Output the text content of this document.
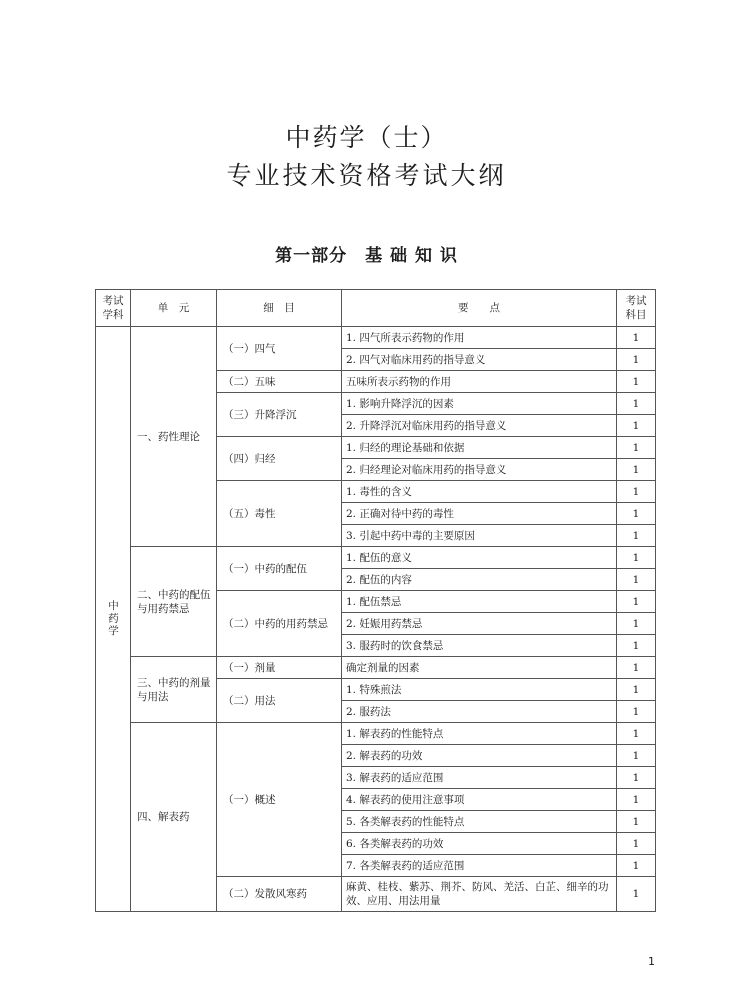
中药学（士）
专业技术资格考试大纲
第一部分 基 础 知 识
考试学科	单　元	细　目	要　　点	考试科目
中药学	一、药性理论	（一）四气	1. 四气所表示药物的作用	1
			2. 四气对临床用药的指导意义	1
		（二）五味	五味所表示药物的作用	1
		（三）升降浮沉	1. 影响升降浮沉的因素	1
			2. 升降浮沉对临床用药的指导意义	1
		（四）归经	1. 归经的理论基础和依据	1
			2. 归经理论对临床用药的指导意义	1
		（五）毒性	1. 毒性的含义	1
			2. 正确对待中药的毒性	1
			3. 引起中药中毒的主要原因	1
	二、中药的配伍与用药禁忌	（一）中药的配伍	1. 配伍的意义	1
			2. 配伍的内容	1
		（二）中药的用药禁忌	1. 配伍禁忌	1
			2. 妊娠用药禁忌	1
			3. 服药时的饮食禁忌	1
	三、中药的剂量与用法	（一）剂量	确定剂量的因素	1
		（二）用法	1. 特殊煎法	1
			2. 服药法	1
	四、解表药	（一）概述	1. 解表药的性能特点	1
			2. 解表药的功效	1
			3. 解表药的适应范围	1
			4. 解表药的使用注意事项	1
			5. 各类解表药的性能特点	1
			6. 各类解表药的功效	1
			7. 各类解表药的适应范围	1
		（二）发散风寒药	麻黄、桂枝、紫苏、荆芥、防风、羌活、白芷、细辛的功效、应用、用法用量	1
1
